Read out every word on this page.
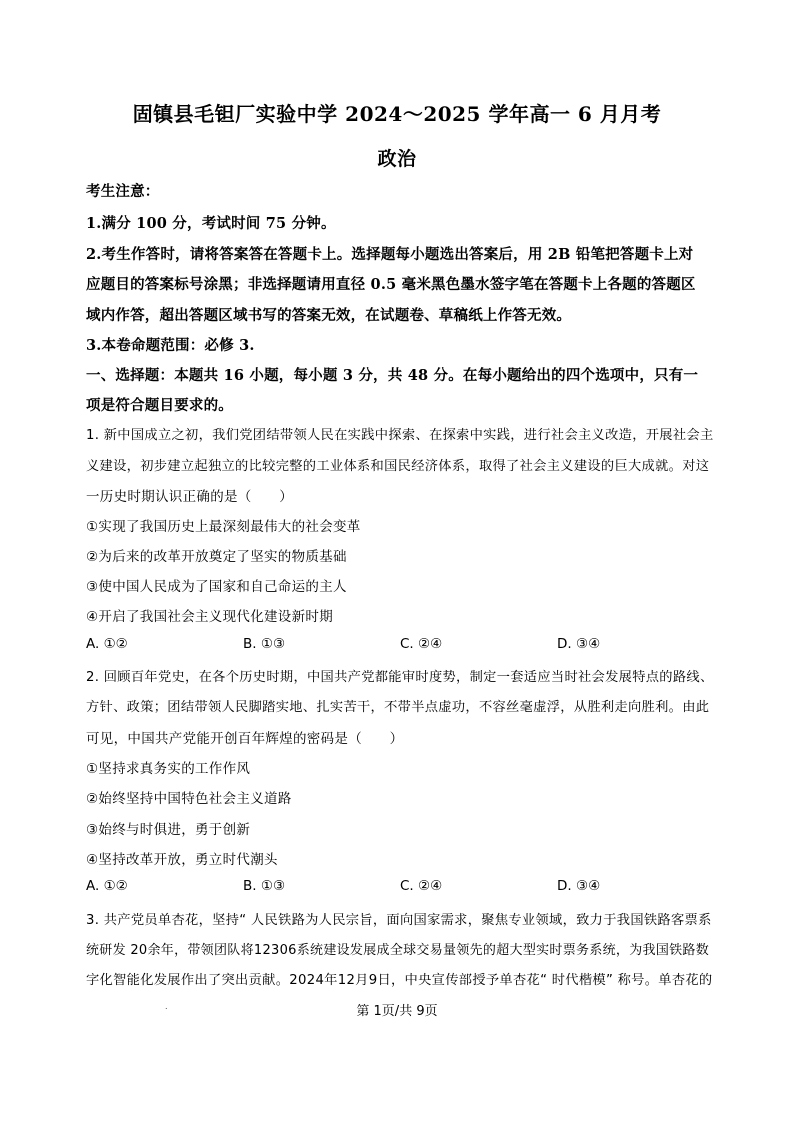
固镇县毛钽厂实验中学 2024～2025 学年高一 6 月月考
政治
考生注意：
1.满分 100 分，考试时间 75 分钟。
2.考生作答时，请将答案答在答题卡上。选择题每小题选出答案后，用 2B 铅笔把答题卡上对
应题目的答案标号涂黑；非选择题请用直径 0.5 毫米黑色墨水签字笔在答题卡上各题的答题区
域内作答，超出答题区域书写的答案无效，在试题卷、草稿纸上作答无效。
3.本卷命题范围：必修 3.
一、选择题：本题共 16 小题，每小题 3 分，共 48 分。在每小题给出的四个选项中，只有一
项是符合题目要求的。
1. 新中国成立之初，我们党团结带领人民在实践中探索、在探索中实践，进行社会主义改造，开展社会主
义建设，初步建立起独立的比较完整的工业体系和国民经济体系，取得了社会主义建设的巨大成就。对这
一历史时期认识正确的是（　　）
①实现了我国历史上最深刻最伟大的社会变革
②为后来的改革开放奠定了坚实的物质基础
③使中国人民成为了国家和自己命运的主人
④开启了我国社会主义现代化建设新时期
A. ①②	B. ①③	C. ②④	D. ③④
2. 回顾百年党史，在各个历史时期，中国共产党都能审时度势，制定一套适应当时社会发展特点的路线、
方针、政策；团结带领人民脚踏实地、扎实苦干，不带半点虚功，不容丝毫虚浮，从胜利走向胜利。由此
可见，中国共产党能开创百年辉煌的密码是（　　）
①坚持求真务实的工作作风
②始终坚持中国特色社会主义道路
③始终与时俱进，勇于创新
④坚持改革开放，勇立时代潮头
A. ①②	B. ①③	C. ②④	D. ③④
3. 共产党员单杏花，坚持“ 人民铁路为人民宗旨，面向国家需求，聚焦专业领域，致力于我国铁路客票系
统研发 20余年，带领团队将12306系统建设发展成全球交易量领先的超大型实时票务系统，为我国铁路数
字化智能化发展作出了突出贡献。2024年12月9日，中央宣传部授予单杏花“ 时代楷模” 称号。单杏花的
.	第 1页/共 9页
